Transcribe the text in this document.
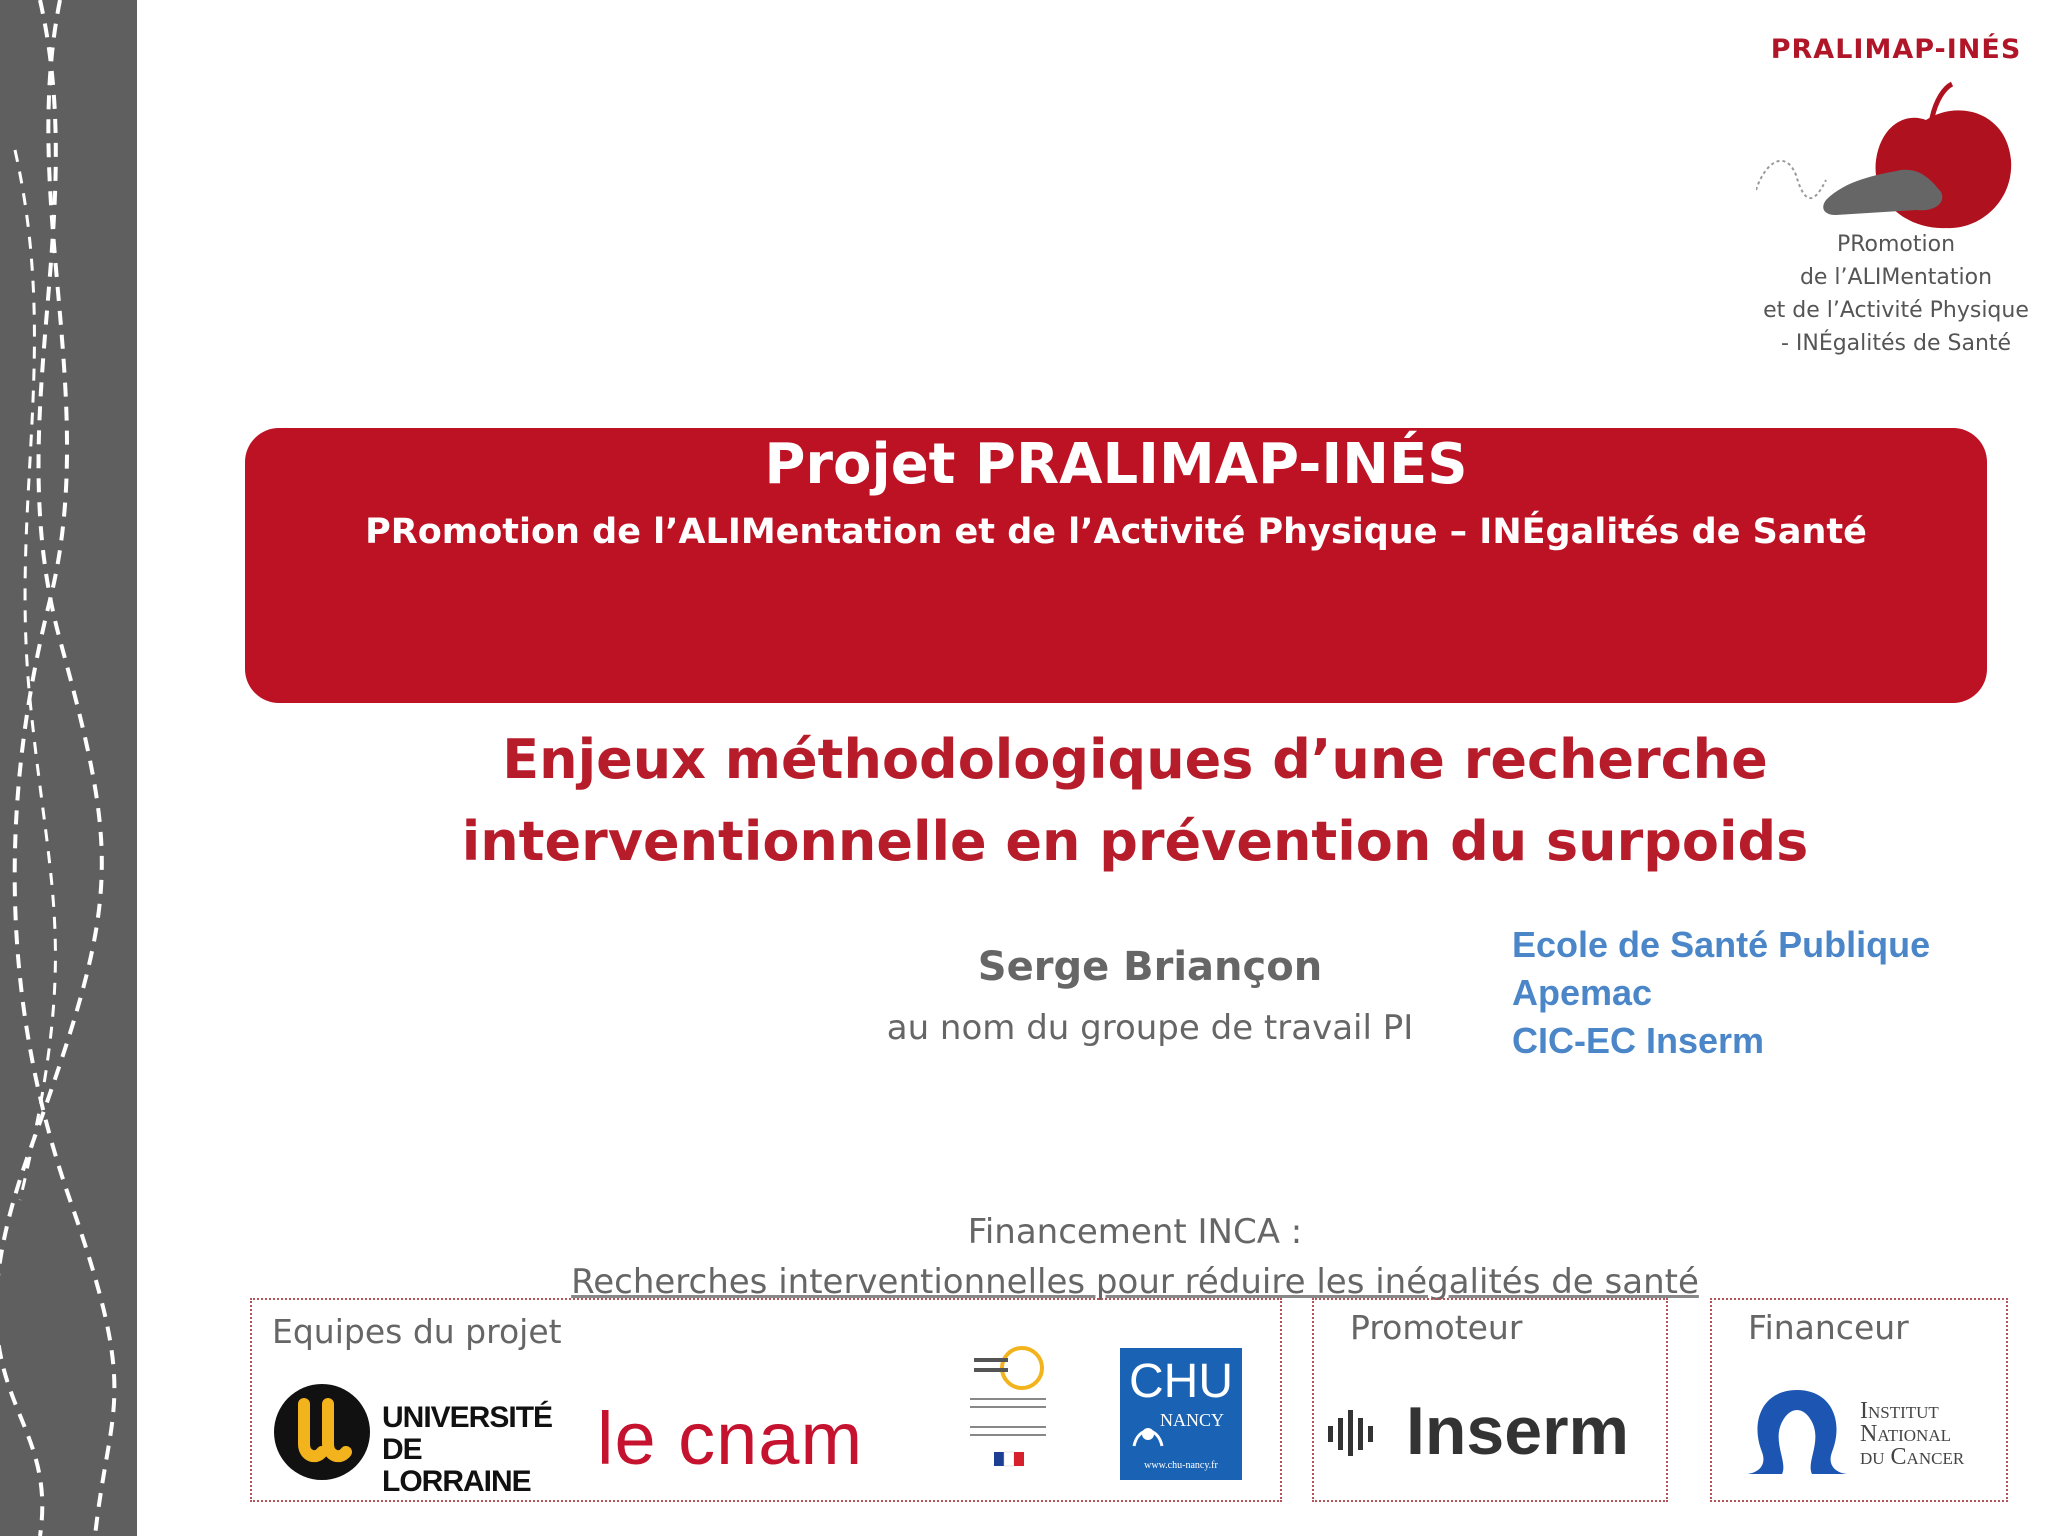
PRALIMAP-INÉS
PRomotion
de l’ALIMentation
et de l’Activité Physique
- INÉgalités de Santé
Projet PRALIMAP-INÉS
PRomotion de l’ALIMentation et de l’Activité Physique – INÉgalités de Santé
Enjeux méthodologiques d’une recherche
interventionnelle en prévention du surpoids
Serge Briançon
au nom du groupe de travail PI
Ecole de Santé Publique
Apemac
CIC-EC Inserm
Financement INCA :
Recherches interventionnelles pour réduire les inégalités de santé
Equipes du projet
UNIVERSITÉ
DE LORRAINE
le cnam
CHU
NANCY
www.chu-nancy.fr
Promoteur
Inserm
Financeur
Institut
National
du Cancer
